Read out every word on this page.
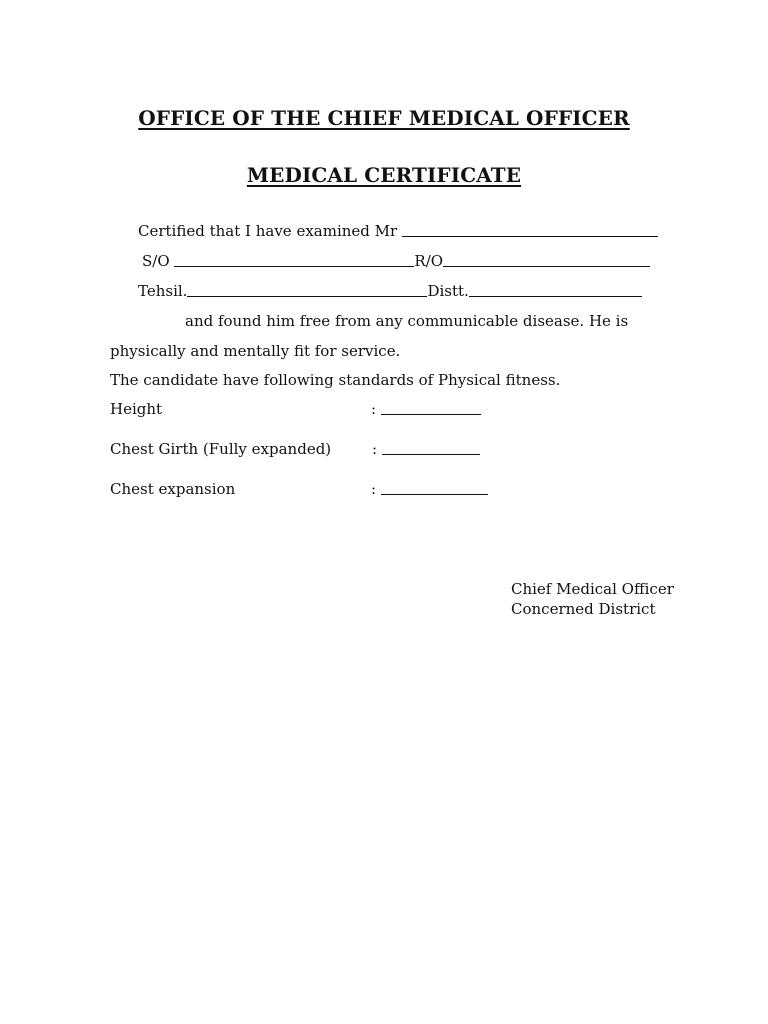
OFFICE OF THE CHIEF MEDICAL OFFICER
MEDICAL CERTIFICATE
Certified that I have examined Mr
S/O	R/O
Tehsil.	Distt.
and found him free from any communicable disease. He is
physically and mentally fit for service.
The candidate have following standards of Physical fitness.
Height	:
Chest Girth (Fully expanded)	:
Chest expansion	:
Chief Medical Officer
Concerned District
